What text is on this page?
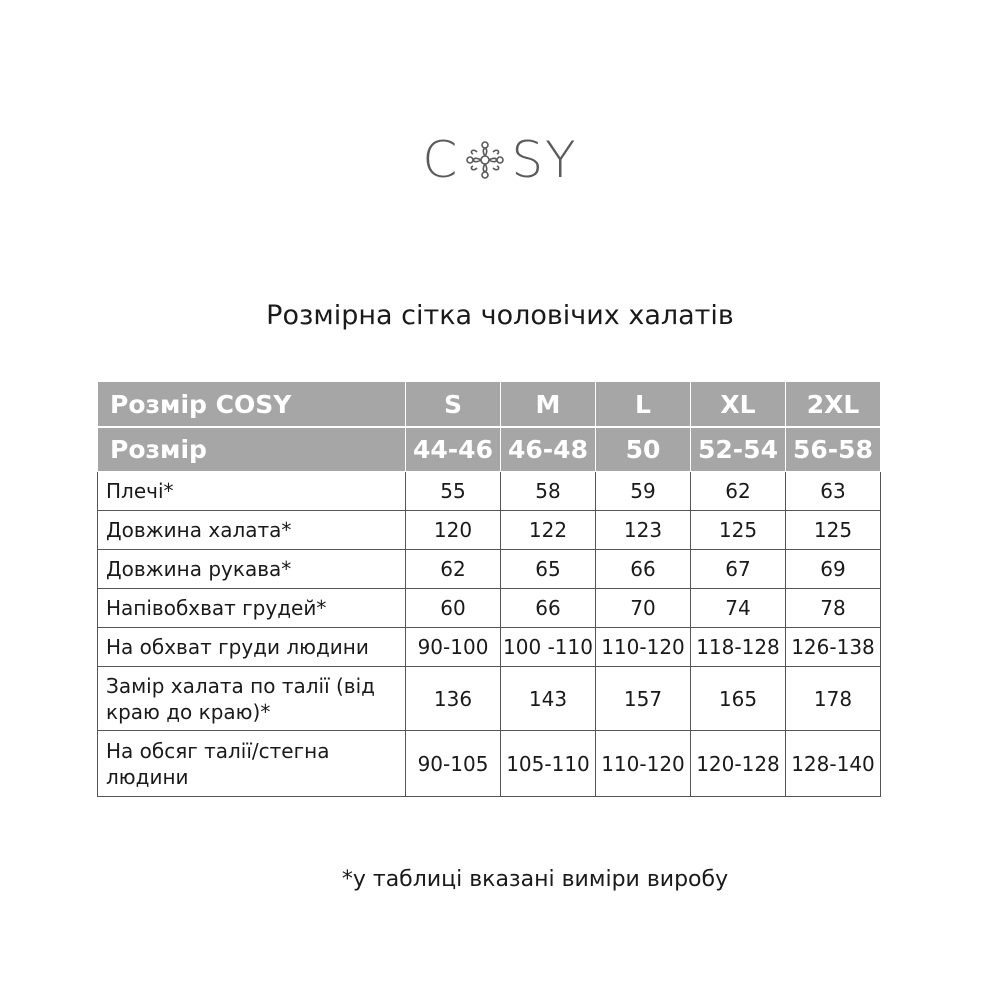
C SY
Розмірна сітка чоловічих халатів
Розмір COSY	S	M	L	XL	2XL
Розмір	44-46	46-48	50	52-54	56-58
Плечі*	55	58	59	62	63
Довжина халата*	120	122	123	125	125
Довжина рукава*	62	65	66	67	69
Напівобхват грудей*	60	66	70	74	78
На обхват груди людини	90-100	100 -110	110-120	118-128	126-138
Замір халата по талії (від краю до краю)*	136	143	157	165	178
На обсяг талії/стегна людини	90-105	105-110	110-120	120-128	128-140
*у таблиці вказані виміри виробу
